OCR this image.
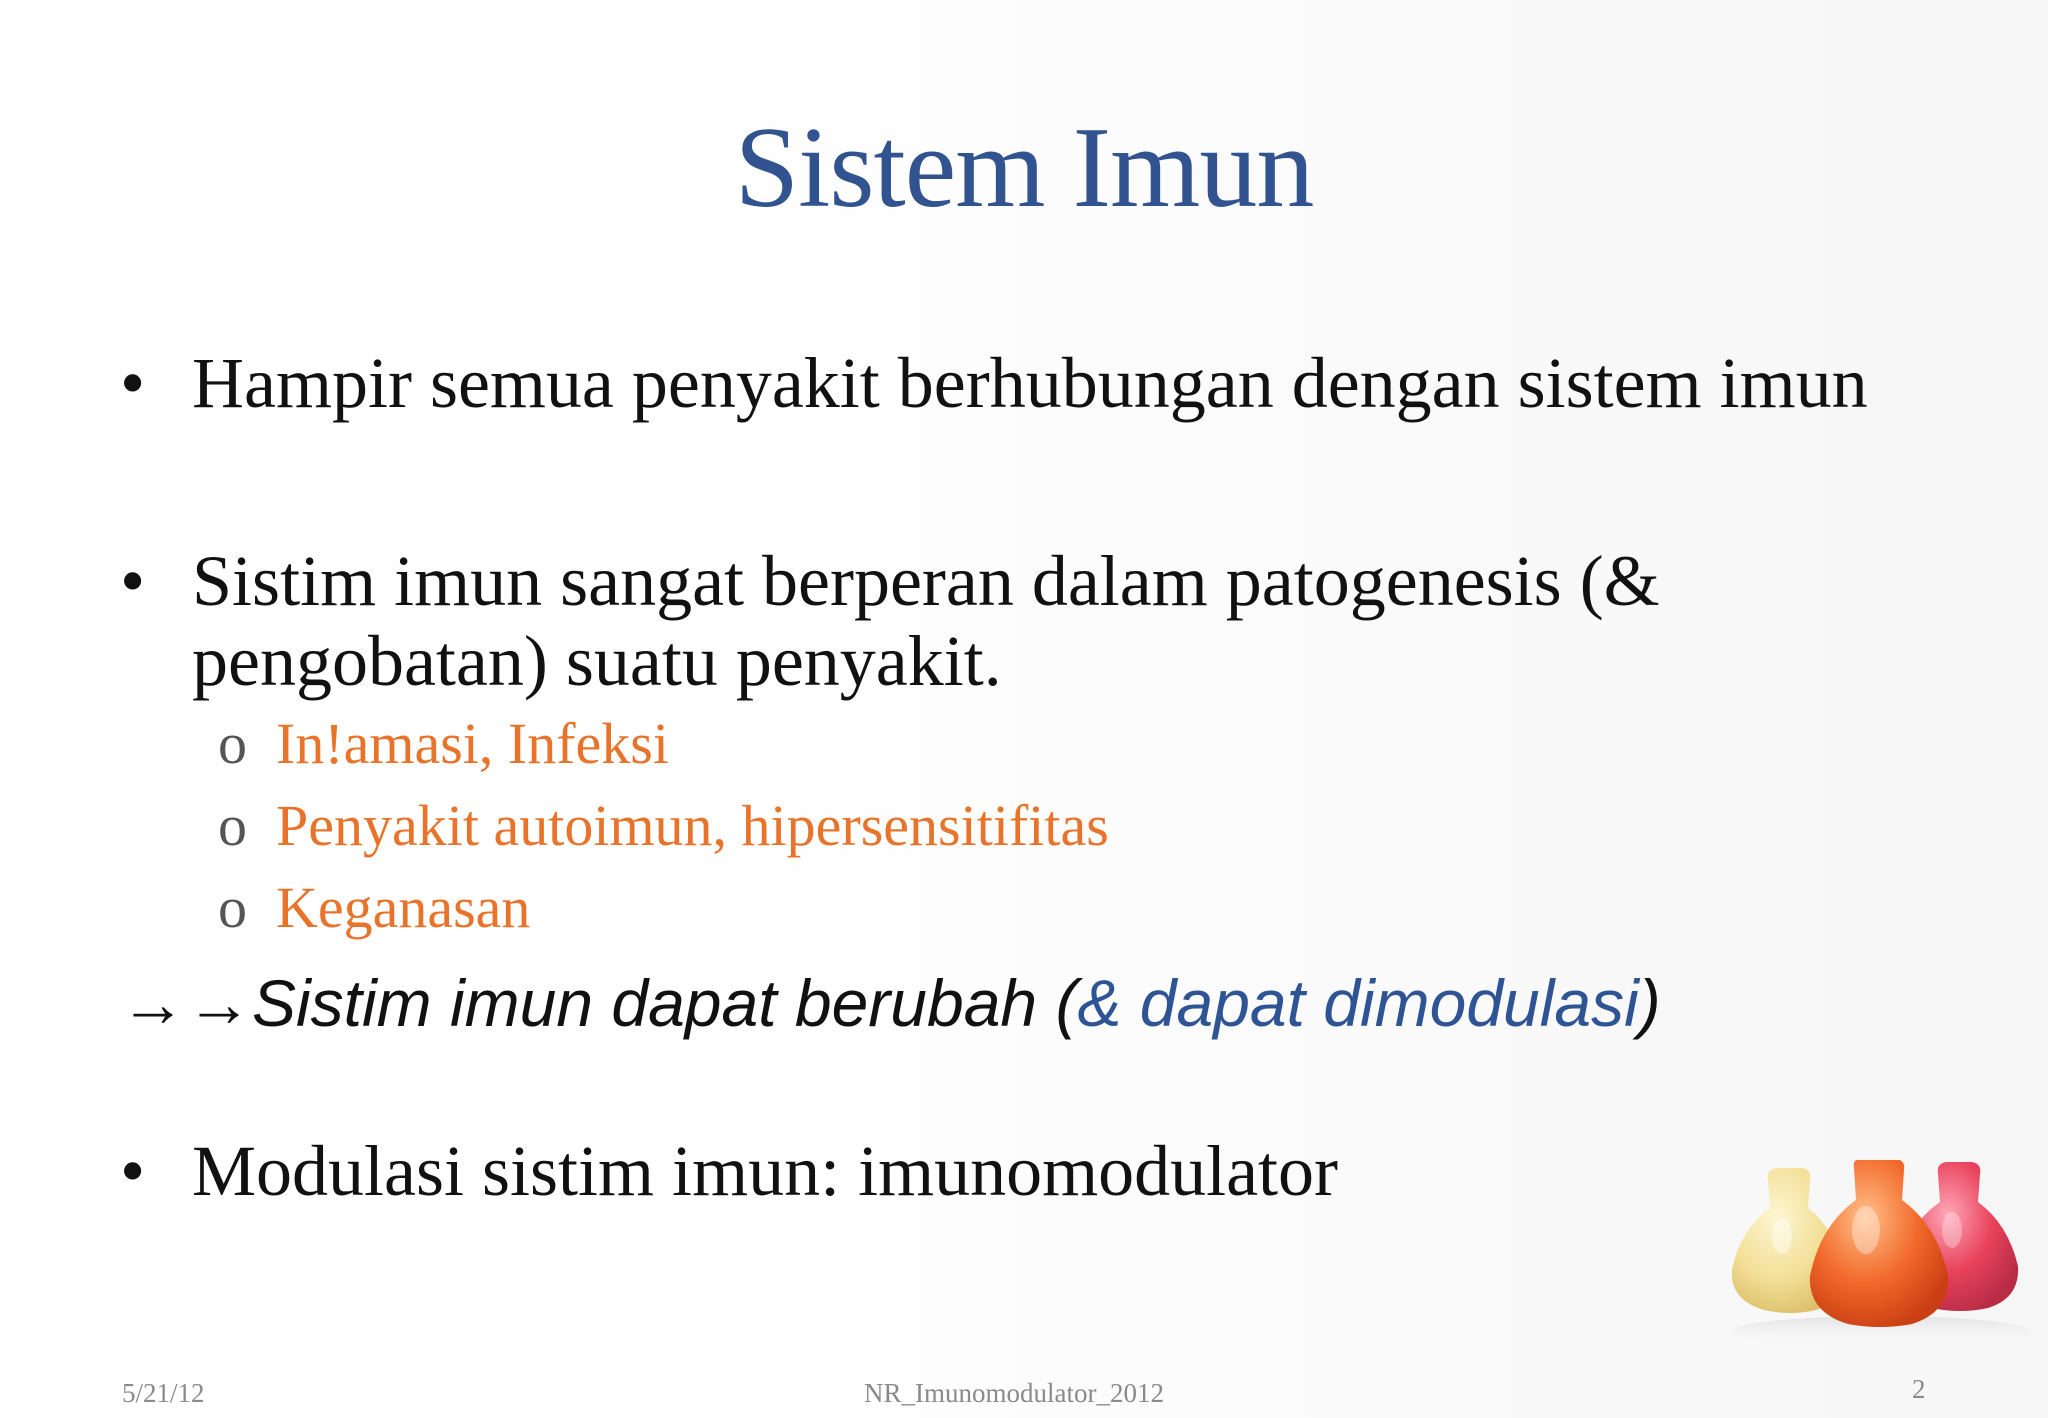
Sistem Imun
• Hampir semua penyakit berhubungan dengan sistem imun
• Sistim imun sangat berperan dalam patogenesis (&
pengobatan) suatu penyakit.
o In!amasi, Infeksi
o Penyakit autoimun, hipersensitifitas
o Keganasan
→→Sistim imun dapat berubah (& dapat dimodulasi)
• Modulasi sistim imun: imunomodulator
5/21/12	NR_Imunomodulator_2012	2
